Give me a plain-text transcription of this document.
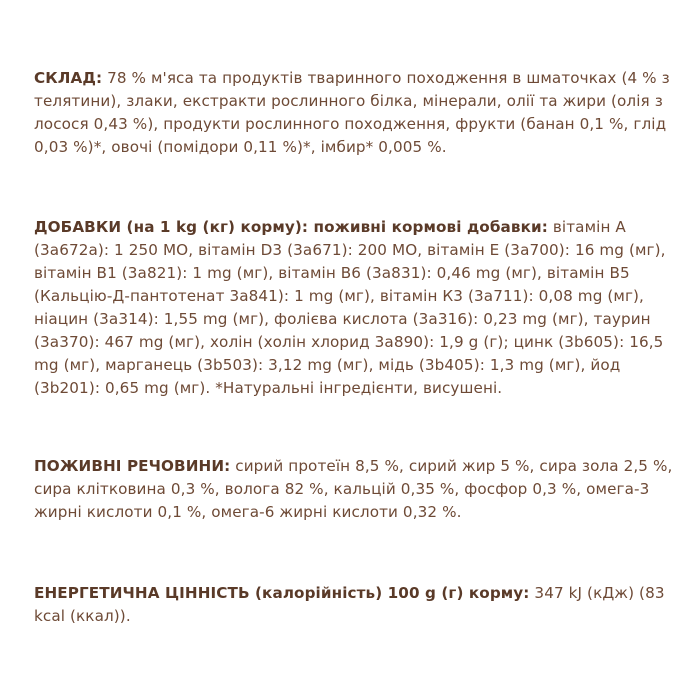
СКЛАД: 78 % м'яса та продуктів тваринного походження в шматочках (4 % з телятини), злаки, екстракти рослинного білка, мінерали, олії та жири (олія з лосося 0,43 %), продукти рослинного походження, фрукти (банан 0,1 %, глід 0,03 %)*, овочі (помідори 0,11 %)*, імбир* 0,005 %.
ДОБАВКИ (на 1 kg (кг) корму): поживні кормові добавки: вітамін А (3a672a): 1 250 МО, вітамін D3 (3a671): 200 МО, вітамін Е (3a700): 16 mg (мг), вітамін В1 (3a821): 1 mg (мг), вітамін В6 (3a831): 0,46 mg (мг), вітамін В5 (Кальцію-Д-пантотенат 3a841): 1 mg (мг), вітамін К3 (3a711): 0,08 mg (мг), ніацин (3a314): 1,55 mg (мг), фолієва кислота (3a316): 0,23 mg (мг), таурин (3a370): 467 mg (мг), холін (холін хлорид 3a890): 1,9 g (г); цинк (3b605): 16,5 mg (мг), марганець (3b503): 3,12 mg (мг), мідь (3b405): 1,3 mg (мг), йод (3b201): 0,65 mg (мг). *Натуральні інгредієнти, висушені.
ПОЖИВНІ РЕЧОВИНИ: сирий протеїн 8,5 %, сирий жир 5 %, сира зола 2,5 %, сира клітковина 0,3 %, волога 82 %, кальцій 0,35 %, фосфор 0,3 %, омега-3 жирні кислоти 0,1 %, омега-6 жирні кислоти 0,32 %.
ЕНЕРГЕТИЧНА ЦІННІСТЬ (калорійність) 100 g (г) корму: 347 kJ (кДж) (83 kcal (ккал)).
